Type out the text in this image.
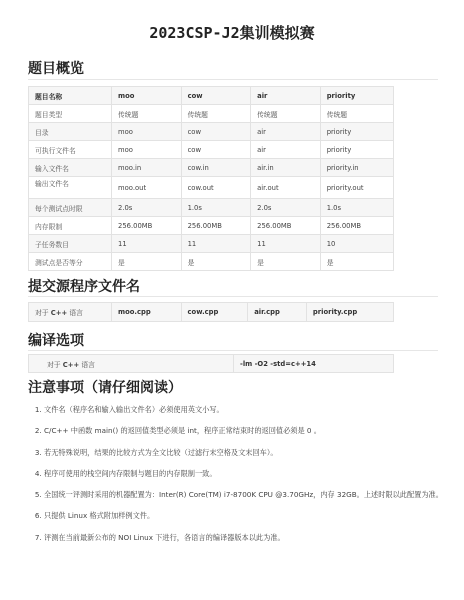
2023CSP-J2集训模拟赛
题目概览
题目名称	moo	cow	air	priority
题目类型	传统题	传统题	传统题	传统题
目录	moo	cow	air	priority
可执行文件名	moo	cow	air	priority
输入文件名	moo.in	cow.in	air.in	priority.in
输出文件名	moo.out	cow.out	air.out	priority.out
每个测试点时限	2.0s	1.0s	2.0s	1.0s
内存限制	256.00MB	256.00MB	256.00MB	256.00MB
子任务数目	11	11	11	10
测试点是否等分	是	是	是	是
提交源程序文件名
对于 C++ 语言	moo.cpp	cow.cpp	air.cpp	priority.cpp
编译选项
对于 C++ 语言	-lm -O2 -std=c++14
注意事项（请仔细阅读）
1. 文件名（程序名和输入输出文件名）必须使用英文小写。
2. C/C++ 中函数 main() 的返回值类型必须是 int，程序正常结束时的返回值必须是 0 。
3. 若无特殊说明，结果的比较方式为全文比较（过滤行末空格及文末回车）。
4. 程序可使用的栈空间内存限制与题目的内存限制一致。
5. 全国统一评测时采用的机器配置为：Inter(R) Core(TM) i7-8700K CPU @3.70GHz，内存 32GB。上述时限以此配置为准。
6. 只提供 Linux 格式附加样例文件。
7. 评测在当前最新公布的 NOI Linux 下进行，各语言的编译器版本以此为准。
